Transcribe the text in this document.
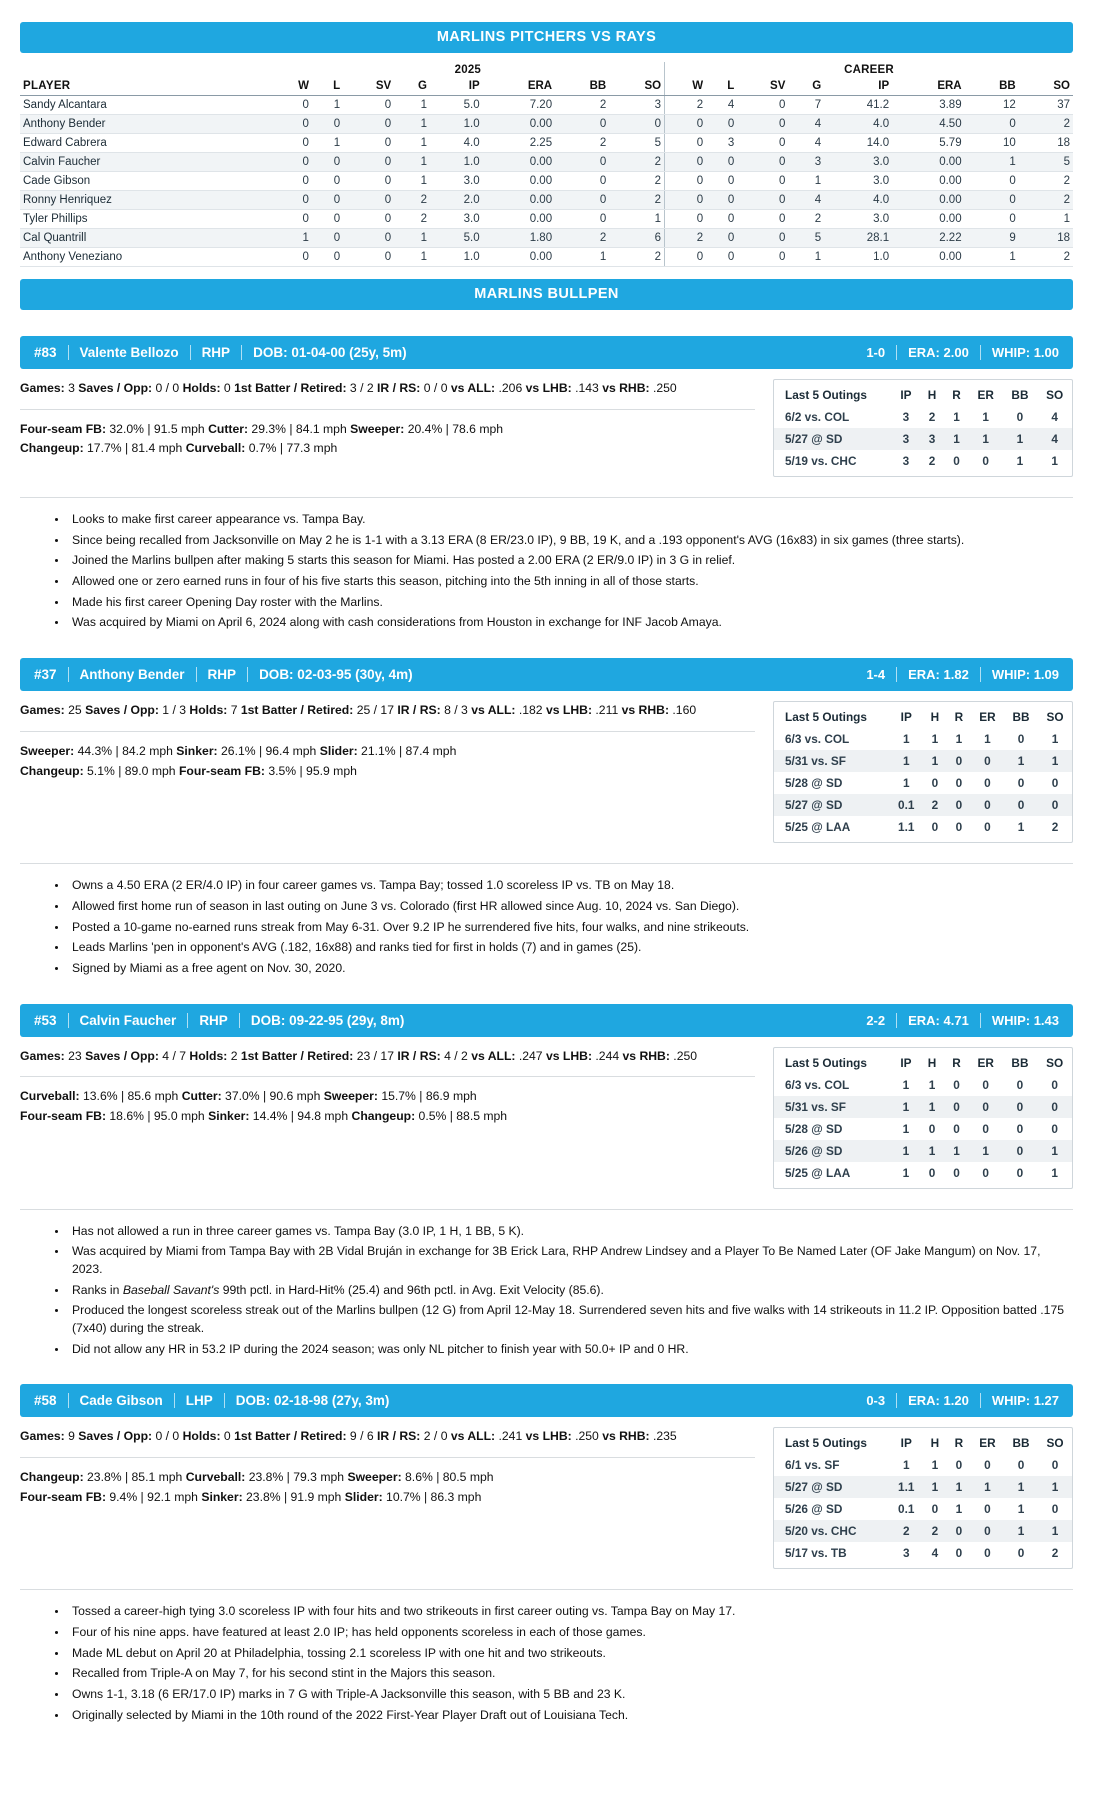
MARLINS PITCHERS VS RAYS
	2025								CAREER							
PLAYER	W	L	SV	G	IP	ERA	BB	SO	W	L	SV	G	IP	ERA	BB	SO
Sandy Alcantara	0	1	0	1	5.0	7.20	2	3	2	4	0	7	41.2	3.89	12	37
Anthony Bender	0	0	0	1	1.0	0.00	0	0	0	0	0	4	4.0	4.50	0	2
Edward Cabrera	0	1	0	1	4.0	2.25	2	5	0	3	0	4	14.0	5.79	10	18
Calvin Faucher	0	0	0	1	1.0	0.00	0	2	0	0	0	3	3.0	0.00	1	5
Cade Gibson	0	0	0	1	3.0	0.00	0	2	0	0	0	1	3.0	0.00	0	2
Ronny Henriquez	0	0	0	2	2.0	0.00	0	2	0	0	0	4	4.0	0.00	0	2
Tyler Phillips	0	0	0	2	3.0	0.00	0	1	0	0	0	2	3.0	0.00	0	1
Cal Quantrill	1	0	0	1	5.0	1.80	2	6	2	0	0	5	28.1	2.22	9	18
Anthony Veneziano	0	0	0	1	1.0	0.00	1	2	0	0	0	1	1.0	0.00	1	2
MARLINS BULLPEN
#83 Valente Bellozo RHP DOB: 01-04-00 (25y, 5m)	1-0 ERA: 2.00 WHIP: 1.00
Games: 3 Saves / Opp: 0 / 0 Holds: 0 1st Batter / Retired: 3 / 2 IR / RS: 0 / 0 vs ALL: .206 vs LHB: .143 vs RHB: .250
Four-seam FB: 32.0% | 91.5 mph Cutter: 29.3% | 84.1 mph Sweeper: 20.4% | 78.6 mph
Changeup: 17.7% | 81.4 mph Curveball: 0.7% | 77.3 mph
Last 5 Outings	IP	H	R	ER	BB	SO
6/2 vs. COL	3	2	1	1	0	4
5/27 @ SD	3	3	1	1	1	4
5/19 vs. CHC	3	2	0	0	1	1
• Looks to make first career appearance vs. Tampa Bay.
• Since being recalled from Jacksonville on May 2 he is 1-1 with a 3.13 ERA (8 ER/23.0 IP), 9 BB, 19 K, and a .193 opponent's AVG (16x83) in six games (three starts).
• Joined the Marlins bullpen after making 5 starts this season for Miami. Has posted a 2.00 ERA (2 ER/9.0 IP) in 3 G in relief.
• Allowed one or zero earned runs in four of his five starts this season, pitching into the 5th inning in all of those starts.
• Made his first career Opening Day roster with the Marlins.
• Was acquired by Miami on April 6, 2024 along with cash considerations from Houston in exchange for INF Jacob Amaya.
#37 Anthony Bender RHP DOB: 02-03-95 (30y, 4m)	1-4 ERA: 1.82 WHIP: 1.09
Games: 25 Saves / Opp: 1 / 3 Holds: 7 1st Batter / Retired: 25 / 17 IR / RS: 8 / 3 vs ALL: .182 vs LHB: .211 vs RHB: .160
Sweeper: 44.3% | 84.2 mph Sinker: 26.1% | 96.4 mph Slider: 21.1% | 87.4 mph
Changeup: 5.1% | 89.0 mph Four-seam FB: 3.5% | 95.9 mph
Last 5 Outings	IP	H	R	ER	BB	SO
6/3 vs. COL	1	1	1	1	0	1
5/31 vs. SF	1	1	0	0	1	1
5/28 @ SD	1	0	0	0	0	0
5/27 @ SD	0.1	2	0	0	0	0
5/25 @ LAA	1.1	0	0	0	1	2
• Owns a 4.50 ERA (2 ER/4.0 IP) in four career games vs. Tampa Bay; tossed 1.0 scoreless IP vs. TB on May 18.
• Allowed first home run of season in last outing on June 3 vs. Colorado (first HR allowed since Aug. 10, 2024 vs. San Diego).
• Posted a 10-game no-earned runs streak from May 6-31. Over 9.2 IP he surrendered five hits, four walks, and nine strikeouts.
• Leads Marlins 'pen in opponent's AVG (.182, 16x88) and ranks tied for first in holds (7) and in games (25).
• Signed by Miami as a free agent on Nov. 30, 2020.
#53 Calvin Faucher RHP DOB: 09-22-95 (29y, 8m)	2-2 ERA: 4.71 WHIP: 1.43
Games: 23 Saves / Opp: 4 / 7 Holds: 2 1st Batter / Retired: 23 / 17 IR / RS: 4 / 2 vs ALL: .247 vs LHB: .244 vs RHB: .250
Curveball: 13.6% | 85.6 mph Cutter: 37.0% | 90.6 mph Sweeper: 15.7% | 86.9 mph
Four-seam FB: 18.6% | 95.0 mph Sinker: 14.4% | 94.8 mph Changeup: 0.5% | 88.5 mph
Last 5 Outings	IP	H	R	ER	BB	SO
6/3 vs. COL	1	1	0	0	0	0
5/31 vs. SF	1	1	0	0	0	0
5/28 @ SD	1	0	0	0	0	0
5/26 @ SD	1	1	1	1	0	1
5/25 @ LAA	1	0	0	0	0	1
• Has not allowed a run in three career games vs. Tampa Bay (3.0 IP, 1 H, 1 BB, 5 K).
• Was acquired by Miami from Tampa Bay with 2B Vidal Bruján in exchange for 3B Erick Lara, RHP Andrew Lindsey and a Player To Be Named Later (OF Jake Mangum) on Nov. 17, 2023.
• Ranks in Baseball Savant's 99th pctl. in Hard-Hit% (25.4) and 96th pctl. in Avg. Exit Velocity (85.6).
• Produced the longest scoreless streak out of the Marlins bullpen (12 G) from April 12-May 18. Surrendered seven hits and five walks with 14 strikeouts in 11.2 IP. Opposition batted .175 (7x40) during the streak.
• Did not allow any HR in 53.2 IP during the 2024 season; was only NL pitcher to finish year with 50.0+ IP and 0 HR.
#58 Cade Gibson LHP DOB: 02-18-98 (27y, 3m)	0-3 ERA: 1.20 WHIP: 1.27
Games: 9 Saves / Opp: 0 / 0 Holds: 0 1st Batter / Retired: 9 / 6 IR / RS: 2 / 0 vs ALL: .241 vs LHB: .250 vs RHB: .235
Changeup: 23.8% | 85.1 mph Curveball: 23.8% | 79.3 mph Sweeper: 8.6% | 80.5 mph
Four-seam FB: 9.4% | 92.1 mph Sinker: 23.8% | 91.9 mph Slider: 10.7% | 86.3 mph
Last 5 Outings	IP	H	R	ER	BB	SO
6/1 vs. SF	1	1	0	0	0	0
5/27 @ SD	1.1	1	1	1	1	1
5/26 @ SD	0.1	0	1	0	1	0
5/20 vs. CHC	2	2	0	0	1	1
5/17 vs. TB	3	4	0	0	0	2
• Tossed a career-high tying 3.0 scoreless IP with four hits and two strikeouts in first career outing vs. Tampa Bay on May 17.
• Four of his nine apps. have featured at least 2.0 IP; has held opponents scoreless in each of those games.
• Made ML debut on April 20 at Philadelphia, tossing 2.1 scoreless IP with one hit and two strikeouts.
• Recalled from Triple-A on May 7, for his second stint in the Majors this season.
• Owns 1-1, 3.18 (6 ER/17.0 IP) marks in 7 G with Triple-A Jacksonville this season, with 5 BB and 23 K.
• Originally selected by Miami in the 10th round of the 2022 First-Year Player Draft out of Louisiana Tech.
